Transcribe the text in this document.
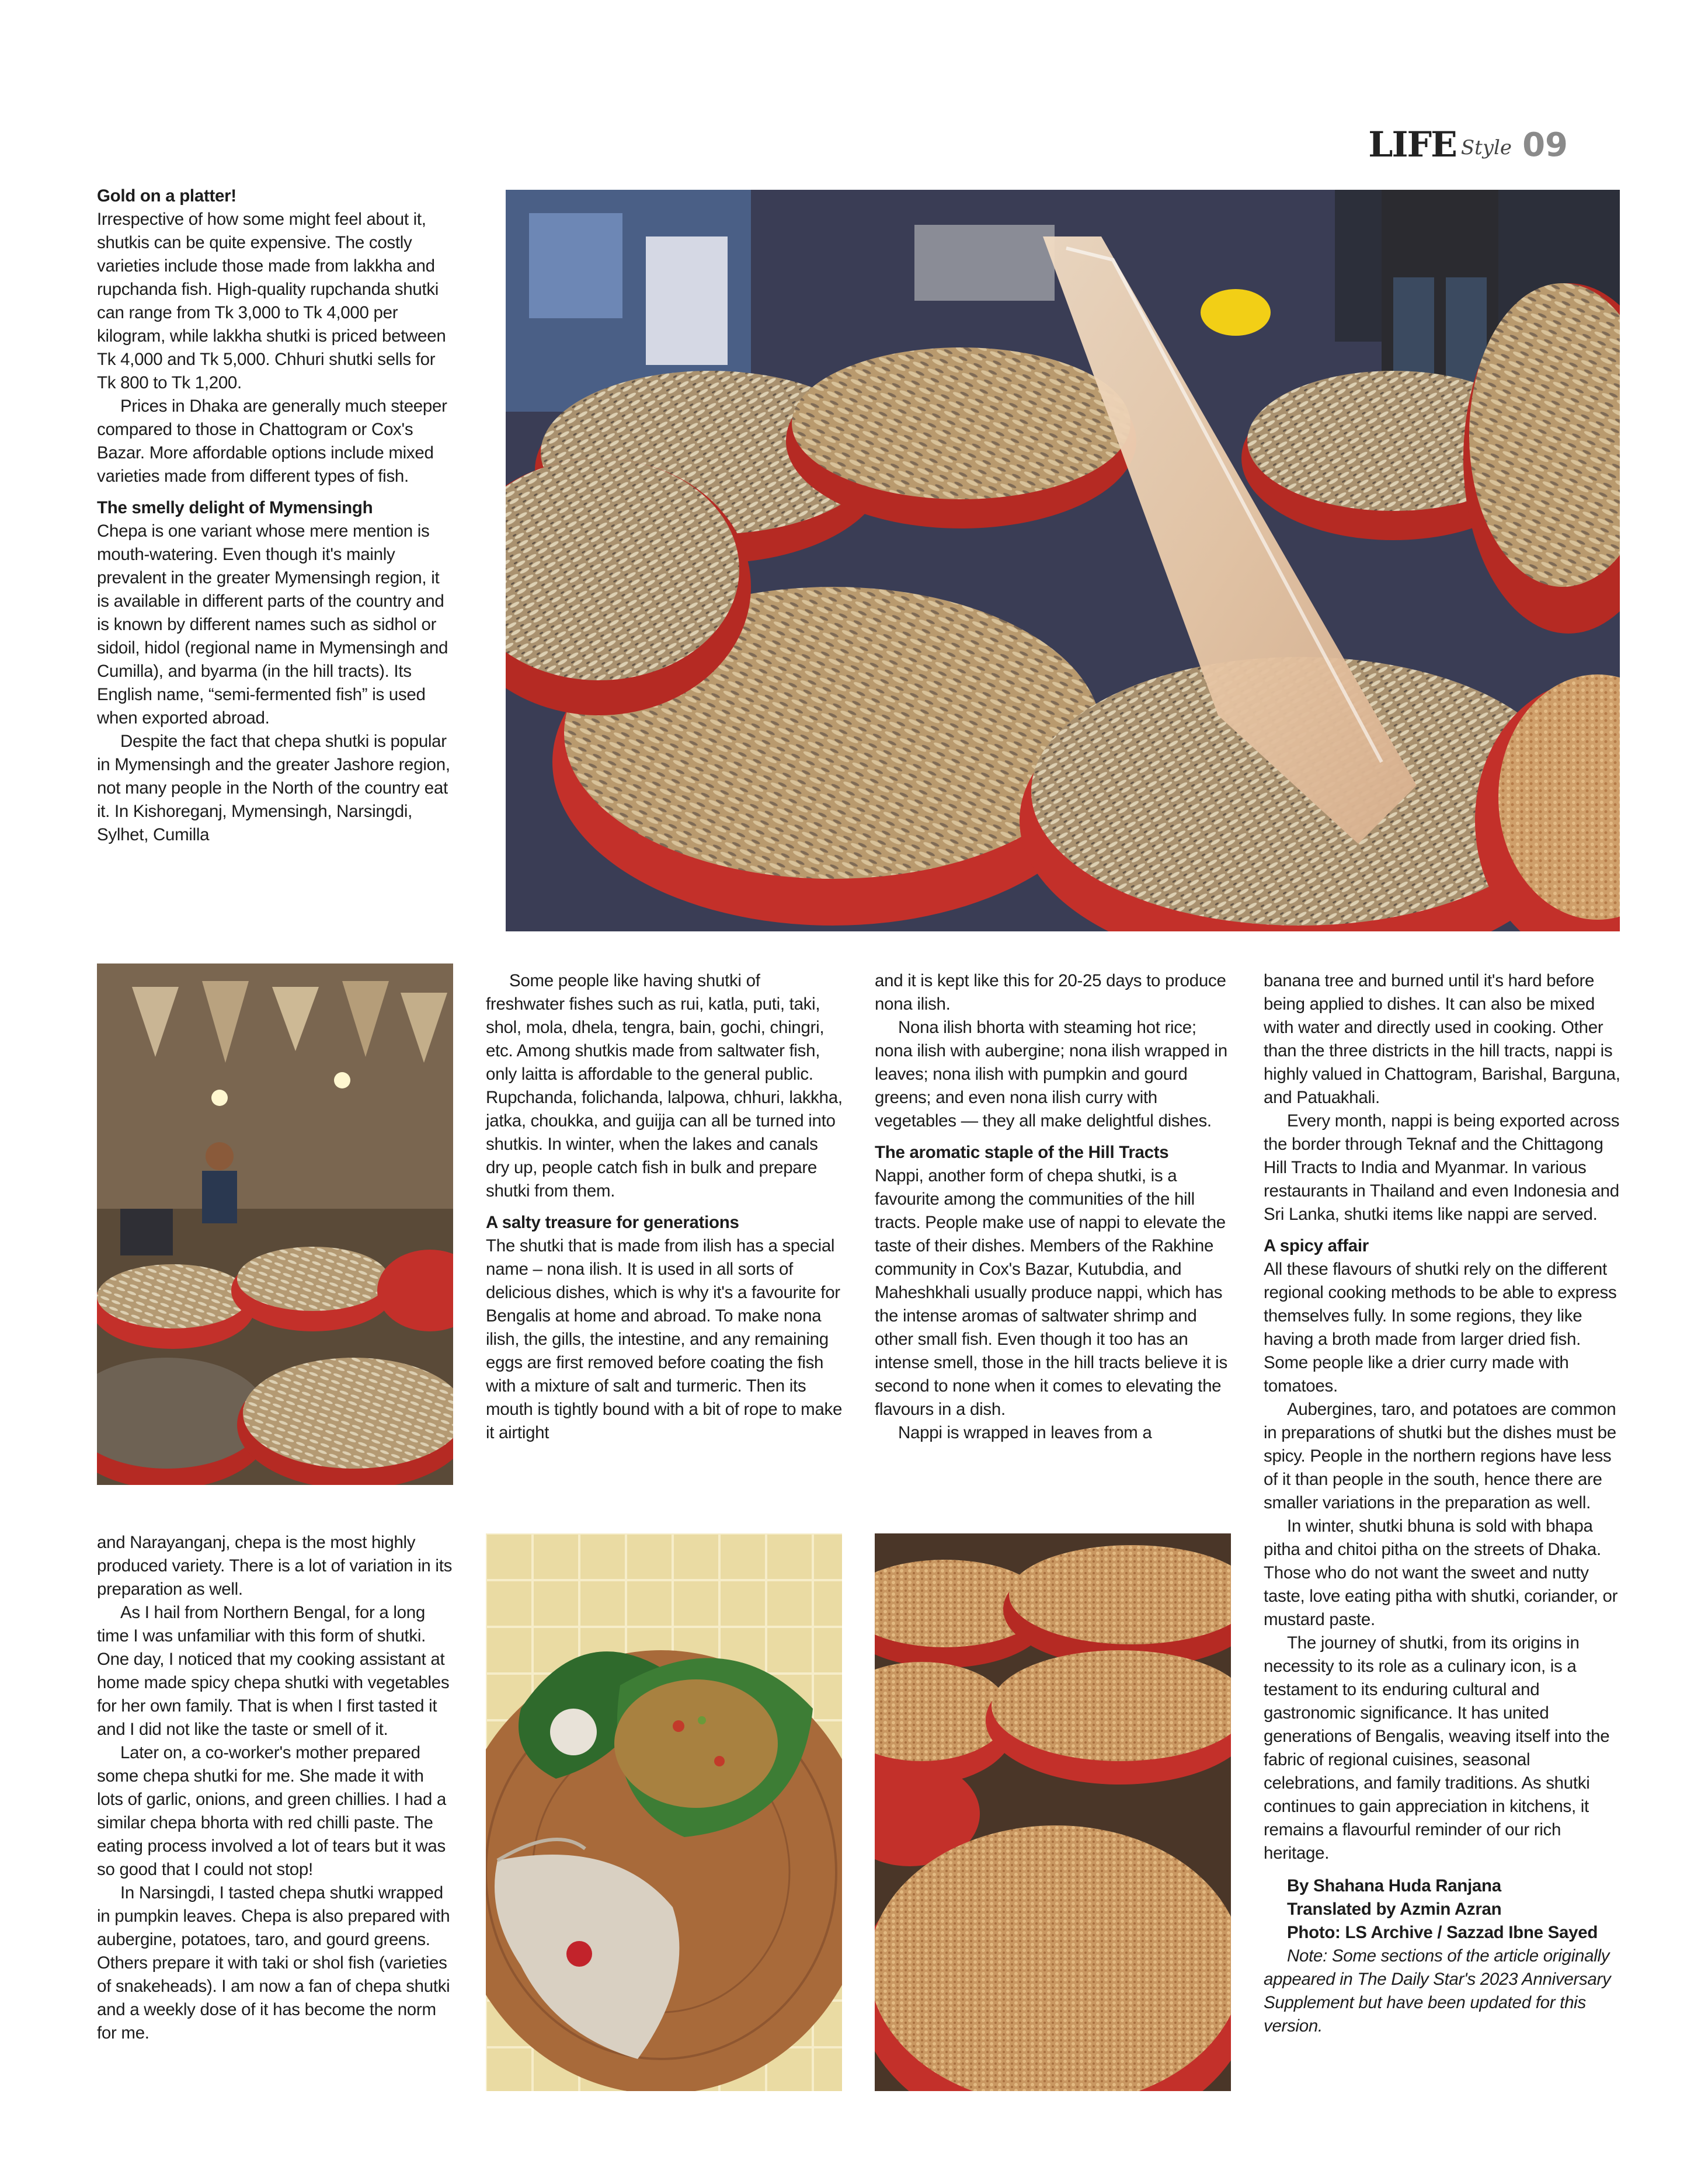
LIFE Style 09
Gold on a platter!

Irrespective of how some might feel about it, shutkis can be quite expensive. The costly varieties include those made from lakkha and rupchanda fish. High-quality rupchanda shutki can range from Tk 3,000 to Tk 4,000 per kilogram, while lakkha shutki is priced between Tk 4,000 and Tk 5,000. Chhuri shutki sells for Tk 800 to Tk 1,200.

Prices in Dhaka are generally much steeper compared to those in Chattogram or Cox's Bazar. More affordable options include mixed varieties made from different types of fish.

The smelly delight of Mymensingh

Chepa is one variant whose mere mention is mouth-watering. Even though it's mainly prevalent in the greater Mymensingh region, it is available in different parts of the country and is known by different names such as sidhol or sidoil, hidol (regional name in Mymensingh and Cumilla), and byarma (in the hill tracts). Its English name, “semi-fermented fish” is used when exported abroad.

Despite the fact that chepa shutki is popular in Mymensingh and the greater Jashore region, not many people in the North of the country eat it. In Kishoreganj, Mymensingh, Narsingdi, Sylhet, Cumilla

Some people like having shutki of freshwater fishes such as rui, katla, puti, taki, shol, mola, dhela, tengra, bain, gochi, chingri, etc. Among shutkis made from saltwater fish, only laitta is affordable to the general public. Rupchanda, folichanda, lalpowa, chhuri, lakkha, jatka, choukka, and guijja can all be turned into shutkis. In winter, when the lakes and canals dry up, people catch fish in bulk and prepare shutki from them.

A salty treasure for generations

The shutki that is made from ilish has a special name – nona ilish. It is used in all sorts of delicious dishes, which is why it's a favourite for Bengalis at home and abroad. To make nona ilish, the gills, the intestine, and any remaining eggs are first removed before coating the fish with a mixture of salt and turmeric. Then its mouth is tightly bound with a bit of rope to make it airtight

and it is kept like this for 20-25 days to produce nona ilish.

Nona ilish bhorta with steaming hot rice; nona ilish with aubergine; nona ilish wrapped in leaves; nona ilish with pumpkin and gourd greens; and even nona ilish curry with vegetables — they all make delightful dishes.

The aromatic staple of the Hill Tracts

Nappi, another form of chepa shutki, is a favourite among the communities of the hill tracts. People make use of nappi to elevate the taste of their dishes. Members of the Rakhine community in Cox's Bazar, Kutubdia, and Maheshkhali usually produce nappi, which has the intense aromas of saltwater shrimp and other small fish. Even though it too has an intense smell, those in the hill tracts believe it is second to none when it comes to elevating the flavours in a dish.

Nappi is wrapped in leaves from a

banana tree and burned until it's hard before being applied to dishes. It can also be mixed with water and directly used in cooking. Other than the three districts in the hill tracts, nappi is highly valued in Chattogram, Barishal, Barguna, and Patuakhali.

Every month, nappi is being exported across the border through Teknaf and the Chittagong Hill Tracts to India and Myanmar. In various restaurants in Thailand and even Indonesia and Sri Lanka, shutki items like nappi are served.

A spicy affair

All these flavours of shutki rely on the different regional cooking methods to be able to express themselves fully. In some regions, they like having a broth made from larger dried fish. Some people like a drier curry made with tomatoes.

Aubergines, taro, and potatoes are common in preparations of shutki but the dishes must be spicy. People in the northern regions have less of it than people in the south, hence there are smaller variations in the preparation as well.

In winter, shutki bhuna is sold with bhapa pitha and chitoi pitha on the streets of Dhaka. Those who do not want the sweet and nutty taste, love eating pitha with shutki, coriander, or mustard paste.

The journey of shutki, from its origins in necessity to its role as a culinary icon, is a testament to its enduring cultural and gastronomic significance. It has united generations of Bengalis, weaving itself into the fabric of regional cuisines, seasonal celebrations, and family traditions. As shutki continues to gain appreciation in kitchens, it remains a flavourful reminder of our rich heritage.

By Shahana Huda Ranjana

Translated by Azmin Azran

Photo: LS Archive / Sazzad Ibne Sayed

Note: Some sections of the article originally appeared in The Daily Star's 2023 Anniversary Supplement but have been updated for this version.

and Narayanganj, chepa is the most highly produced variety. There is a lot of variation in its preparation as well.

As I hail from Northern Bengal, for a long time I was unfamiliar with this form of shutki. One day, I noticed that my cooking assistant at home made spicy chepa shutki with vegetables for her own family. That is when I first tasted it and I did not like the taste or smell of it.

Later on, a co-worker's mother prepared some chepa shutki for me. She made it with lots of garlic, onions, and green chillies. I had a similar chepa bhorta with red chilli paste. The eating process involved a lot of tears but it was so good that I could not stop!

In Narsingdi, I tasted chepa shutki wrapped in pumpkin leaves. Chepa is also prepared with aubergine, potatoes, taro, and gourd greens. Others prepare it with taki or shol fish (varieties of snakeheads). I am now a fan of chepa shutki and a weekly dose of it has become the norm for me.
